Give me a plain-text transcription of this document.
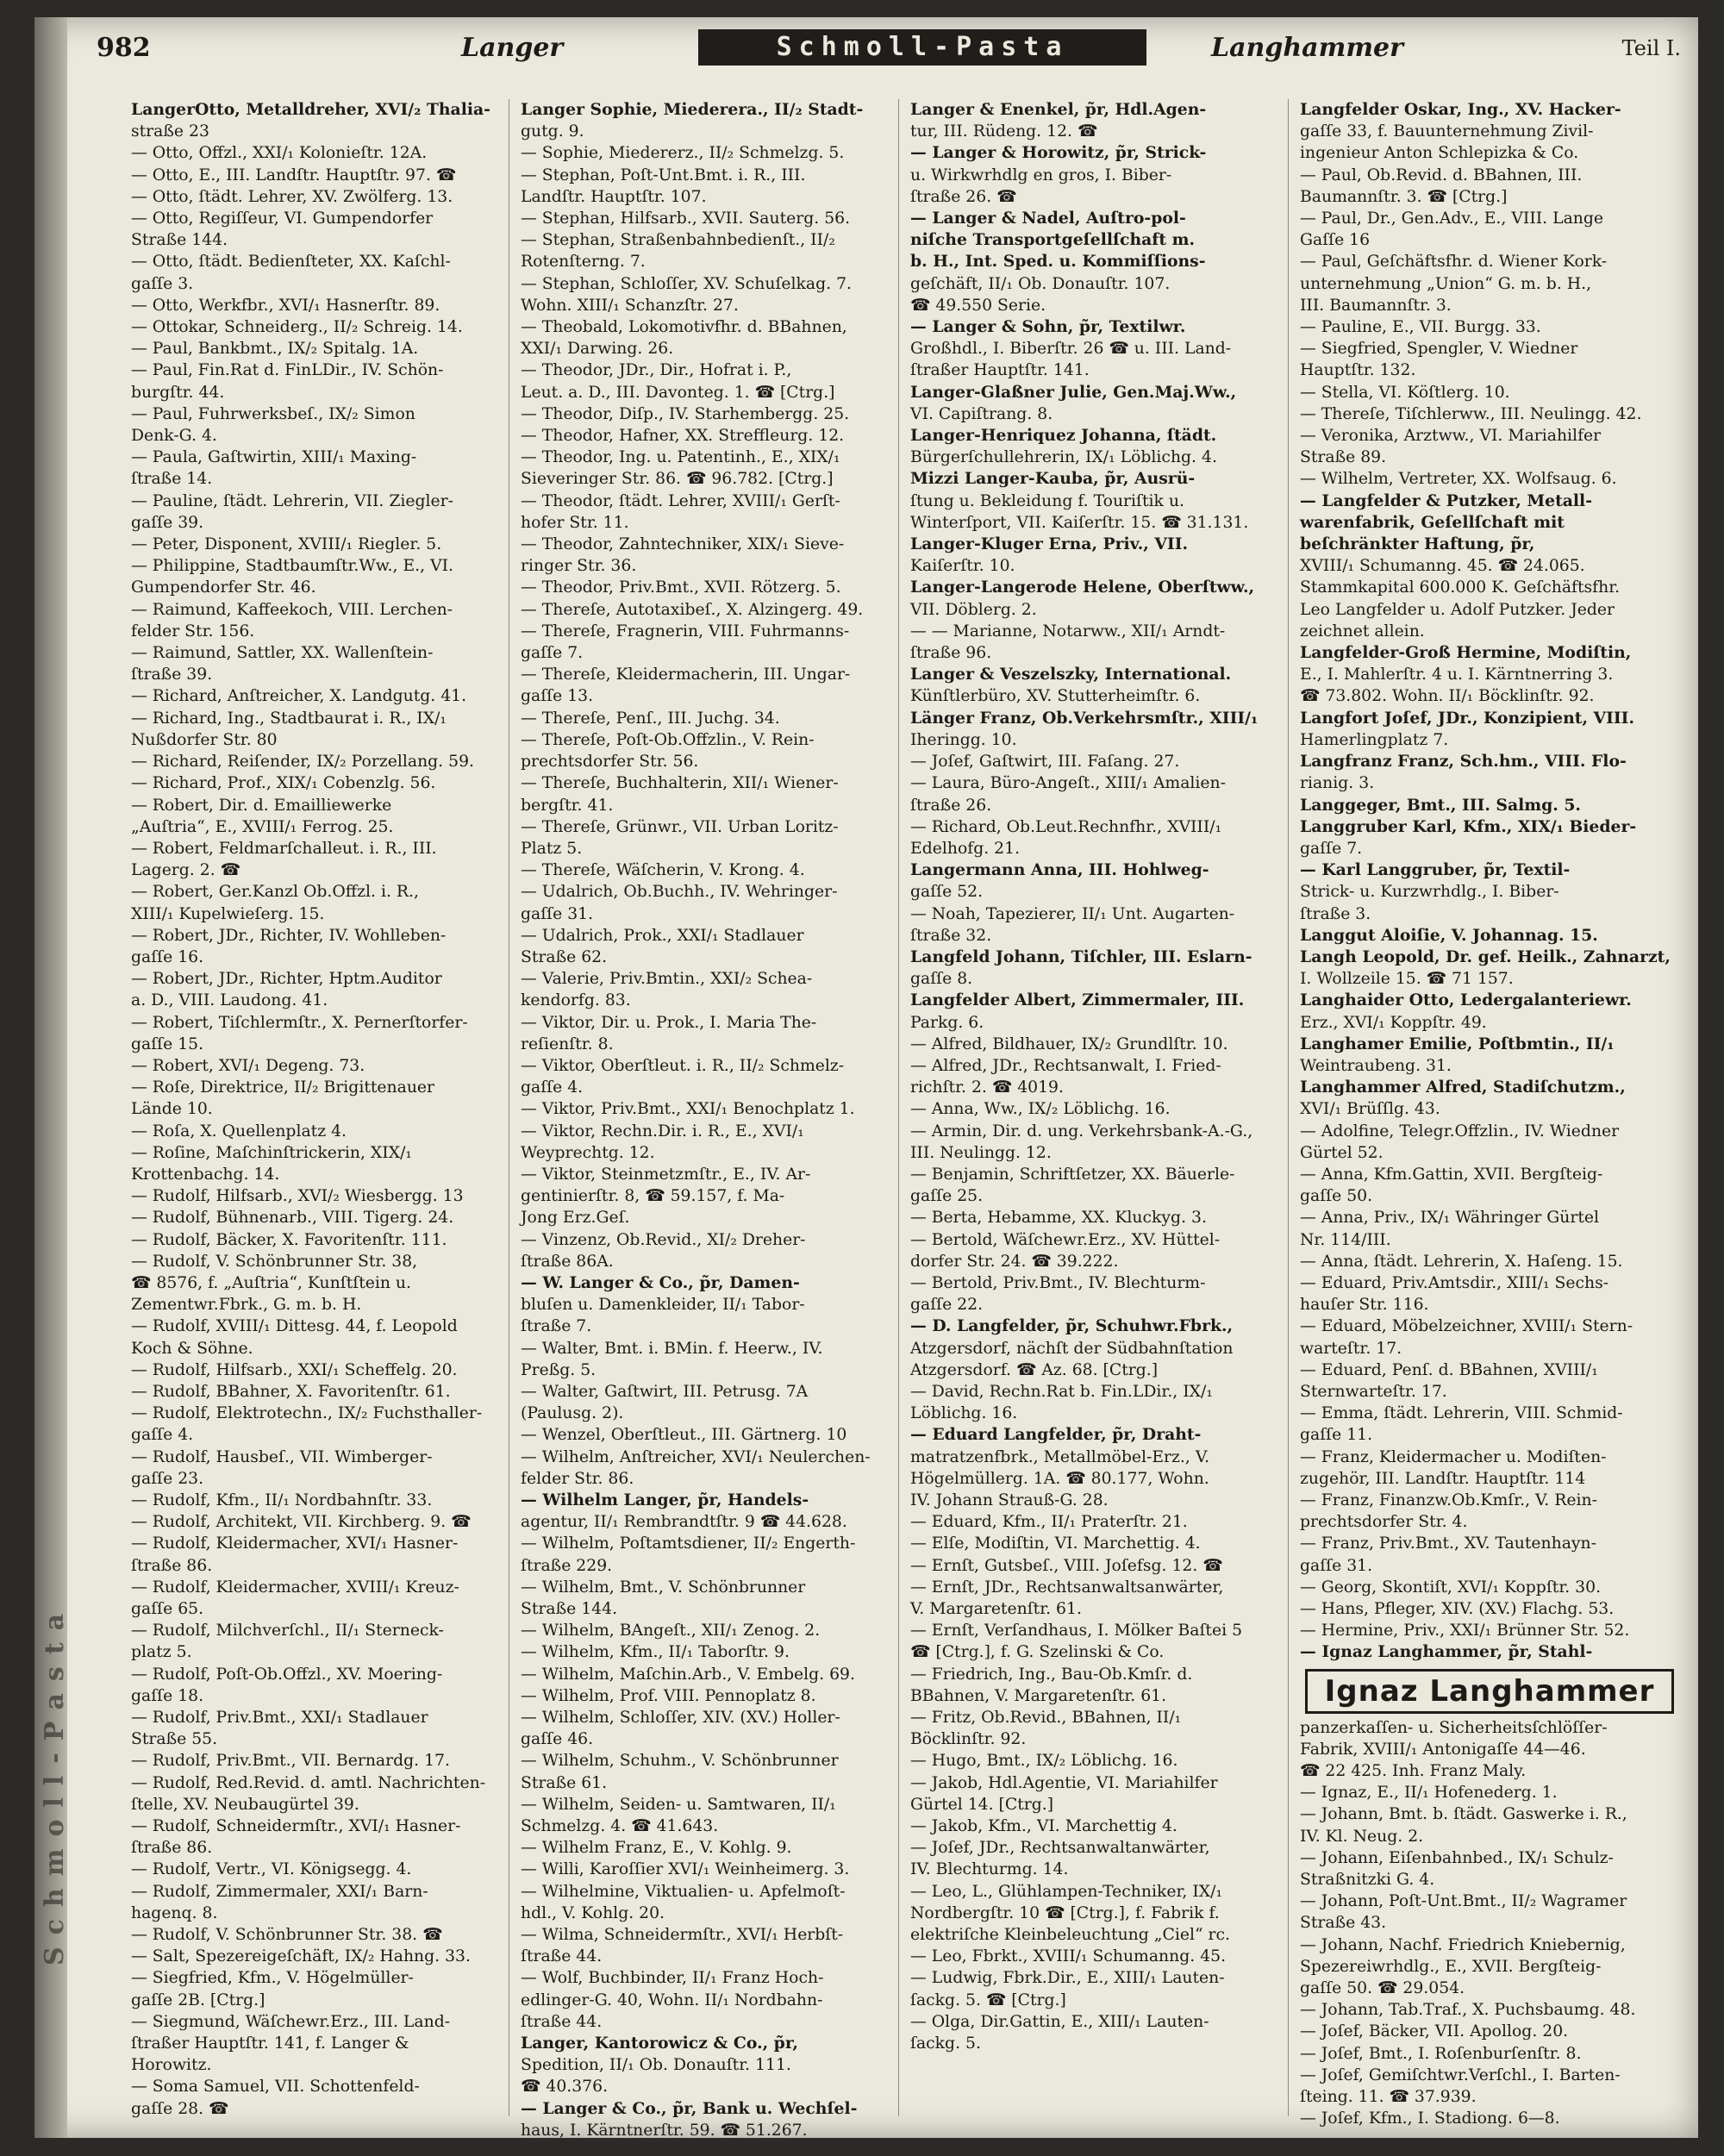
Schmoll-Pasta
982	Langer	Schmoll-Pasta	Langhammer	Teil I.

LangerOtto, Metalldreher, XVI/₂ Thalia-

straße 23

— Otto, Offzl., XXI/₁ Kolonieſtr. 12A.

— Otto, E., III. Landſtr. Hauptſtr. 97. ☎

— Otto, ſtädt. Lehrer, XV. Zwölferg. 13.

— Otto, Regiſſeur, VI. Gumpendorfer

Straße 144.

— Otto, ſtädt. Bedienſteter, XX. Kaſchl-

gaſſe 3.

— Otto, Werkfbr., XVI/₁ Hasnerſtr. 89.

— Ottokar, Schneiderg., II/₂ Schreig. 14.

— Paul, Bankbmt., IX/₂ Spitalg. 1A.

— Paul, Fin.Rat d. FinLDir., IV. Schön-

burgſtr. 44.

— Paul, Fuhrwerksbeſ., IX/₂ Simon

Denk-G. 4.

— Paula, Gaſtwirtin, XIII/₁ Maxing-

ſtraße 14.

— Pauline, ſtädt. Lehrerin, VII. Ziegler-

gaſſe 39.

— Peter, Disponent, XVIII/₁ Riegler. 5.

— Philippine, Stadtbaumſtr.Ww., E., VI.

Gumpendorfer Str. 46.

— Raimund, Kaffeekoch, VIII. Lerchen-

felder Str. 156.

— Raimund, Sattler, XX. Wallenſtein-

ſtraße 39.

— Richard, Anſtreicher, X. Landgutg. 41.

— Richard, Ing., Stadtbaurat i. R., IX/₁

Nußdorfer Str. 80

— Richard, Reiſender, IX/₂ Porzellang. 59.

— Richard, Prof., XIX/₁ Cobenzlg. 56.

— Robert, Dir. d. Emailliewerke

„Auſtria“, E., XVIII/₁ Ferrog. 25.

— Robert, Feldmarſchalleut. i. R., III.

Lagerg. 2. ☎

— Robert, Ger.Kanzl Ob.Offzl. i. R.,

XIII/₁ Kupelwieſerg. 15.

— Robert, JDr., Richter, IV. Wohlleben-

gaſſe 16.

— Robert, JDr., Richter, Hptm.Auditor

a. D., VIII. Laudong. 41.

— Robert, Tiſchlermſtr., X. Pernerſtorfer-

gaſſe 15.

— Robert, XVI/₁ Degeng. 73.

— Roſe, Direktrice, II/₂ Brigittenauer

Lände 10.

— Roſa, X. Quellenplatz 4.

— Roſine, Maſchinſtrickerin, XIX/₁

Krottenbachg. 14.

— Rudolf, Hilfsarb., XVI/₂ Wiesbergg. 13

— Rudolf, Bühnenarb., VIII. Tigerg. 24.

— Rudolf, Bäcker, X. Favoritenſtr. 111.

— Rudolf, V. Schönbrunner Str. 38,

☎ 8576, f. „Auſtria“, Kunſtſtein u.

Zementwr.Fbrk., G. m. b. H.

— Rudolf, XVIII/₁ Dittesg. 44, f. Leopold

Koch & Söhne.

— Rudolf, Hilfsarb., XXI/₁ Scheffelg. 20.

— Rudolf, BBahner, X. Favoritenſtr. 61.

— Rudolf, Elektrotechn., IX/₂ Fuchsthaller-

gaſſe 4.

— Rudolf, Hausbeſ., VII. Wimberger-

gaſſe 23.

— Rudolf, Kfm., II/₁ Nordbahnſtr. 33.

— Rudolf, Architekt, VII. Kirchberg. 9. ☎

— Rudolf, Kleidermacher, XVI/₁ Hasner-

ſtraße 86.

— Rudolf, Kleidermacher, XVIII/₁ Kreuz-

gaſſe 65.

— Rudolf, Milchverſchl., II/₁ Sterneck-

platz 5.

— Rudolf, Poſt-Ob.Offzl., XV. Moering-

gaſſe 18.

— Rudolf, Priv.Bmt., XXI/₁ Stadlauer

Straße 55.

— Rudolf, Priv.Bmt., VII. Bernardg. 17.

— Rudolf, Red.Revid. d. amtl. Nachrichten-

ſtelle, XV. Neubaugürtel 39.

— Rudolf, Schneidermſtr., XVI/₁ Hasner-

ſtraße 86.

— Rudolf, Vertr., VI. Königsegg. 4.

— Rudolf, Zimmermaler, XXI/₁ Barn-

hagenq. 8.

— Rudolf, V. Schönbrunner Str. 38. ☎

— Salt, Spezereigeſchäft, IX/₂ Hahng. 33.

— Siegfried, Kfm., V. Högelmüller-

gaſſe 2B. [Ctrg.]

— Siegmund, Wäſchewr.Erz., III. Land-

ſtraßer Hauptſtr. 141, f. Langer &

Horowitz.

— Soma Samuel, VII. Schottenfeld-

gaſſe 28. ☎

Langer Sophie, Miederera., II/₂ Stadt-

gutg. 9.

— Sophie, Miedererz., II/₂ Schmelzg. 5.

— Stephan, Poſt-Unt.Bmt. i. R., III.

Landſtr. Hauptſtr. 107.

— Stephan, Hilfsarb., XVII. Sauterg. 56.

— Stephan, Straßenbahnbedienſt., II/₂

Rotenſterng. 7.

— Stephan, Schloſſer, XV. Schuſelkag. 7.

Wohn. XIII/₁ Schanzſtr. 27.

— Theobald, Lokomotivfhr. d. BBahnen,

XXI/₁ Darwing. 26.

— Theodor, JDr., Dir., Hofrat i. P.,

Leut. a. D., III. Davonteg. 1. ☎ [Ctrg.]

— Theodor, Diſp., IV. Starhembergg. 25.

— Theodor, Hafner, XX. Streffleurg. 12.

— Theodor, Ing. u. Patentinh., E., XIX/₁

Sieveringer Str. 86. ☎ 96.782. [Ctrg.]

— Theodor, ſtädt. Lehrer, XVIII/₁ Gerſt-

hofer Str. 11.

— Theodor, Zahntechniker, XIX/₁ Sieve-

ringer Str. 36.

— Theodor, Priv.Bmt., XVII. Rötzerg. 5.

— Thereſe, Autotaxibeſ., X. Alzingerg. 49.

— Thereſe, Fragnerin, VIII. Fuhrmanns-

gaſſe 7.

— Thereſe, Kleidermacherin, III. Ungar-

gaſſe 13.

— Thereſe, Penſ., III. Juchg. 34.

— Thereſe, Poſt-Ob.Offzlin., V. Rein-

prechtsdorfer Str. 56.

— Thereſe, Buchhalterin, XII/₁ Wiener-

bergſtr. 41.

— Thereſe, Grünwr., VII. Urban Loritz-

Platz 5.

— Thereſe, Wäſcherin, V. Krong. 4.

— Udalrich, Ob.Buchh., IV. Wehringer-

gaſſe 31.

— Udalrich, Prok., XXI/₁ Stadlauer

Straße 62.

— Valerie, Priv.Bmtin., XXI/₂ Schea-

kendorfg. 83.

— Viktor, Dir. u. Prok., I. Maria The-

reſienſtr. 8.

— Viktor, Oberſtleut. i. R., II/₂ Schmelz-

gaſſe 4.

— Viktor, Priv.Bmt., XXI/₁ Benochplatz 1.

— Viktor, Rechn.Dir. i. R., E., XVI/₁

Weyprechtg. 12.

— Viktor, Steinmetzmſtr., E., IV. Ar-

gentinierſtr. 8, ☎ 59.157, f. Ma-

Jong Erz.Geſ.

— Vinzenz, Ob.Revid., XI/₂ Dreher-

ſtraße 86A.

— W. Langer & Co., p̃r, Damen-

bluſen u. Damenkleider, II/₁ Tabor-

ſtraße 7.

— Walter, Bmt. i. BMin. f. Heerw., IV.

Preßg. 5.

— Walter, Gaſtwirt, III. Petrusg. 7A

(Paulusg. 2).

— Wenzel, Oberſtleut., III. Gärtnerg. 10

— Wilhelm, Anſtreicher, XVI/₁ Neulerchen-

felder Str. 86.

— Wilhelm Langer, p̃r, Handels-

agentur, II/₁ Rembrandtſtr. 9 ☎ 44.628.

— Wilhelm, Poſtamtsdiener, II/₂ Engerth-

ſtraße 229.

— Wilhelm, Bmt., V. Schönbrunner

Straße 144.

— Wilhelm, BAngeſt., XII/₁ Zenog. 2.

— Wilhelm, Kfm., II/₁ Taborſtr. 9.

— Wilhelm, Maſchin.Arb., V. Embelg. 69.

— Wilhelm, Prof. VIII. Pennoplatz 8.

— Wilhelm, Schloſſer, XIV. (XV.) Holler-

gaſſe 46.

— Wilhelm, Schuhm., V. Schönbrunner

Straße 61.

— Wilhelm, Seiden- u. Samtwaren, II/₁

Schmelzg. 4. ☎ 41.643.

— Wilhelm Franz, E., V. Kohlg. 9.

— Willi, Karoſſier XVI/₁ Weinheimerg. 3.

— Wilhelmine, Viktualien- u. Apfelmoſt-

hdl., V. Kohlg. 20.

— Wilma, Schneidermſtr., XVI/₁ Herbſt-

ſtraße 44.

— Wolf, Buchbinder, II/₁ Franz Hoch-

edlinger-G. 40, Wohn. II/₁ Nordbahn-

ſtraße 44.

Langer, Kantorowicz & Co., p̃r,

Spedition, II/₁ Ob. Donauſtr. 111.

☎ 40.376.

— Langer & Co., p̃r, Bank u. Wechſel-

haus, I. Kärntnerſtr. 59. ☎ 51.267.

Langer & Enenkel, p̃r, Hdl.Agen-

tur, III. Rüdeng. 12. ☎

— Langer & Horowitz, p̃r, Strick-

u. Wirkwrhdlg en gros, I. Biber-

ſtraße 26. ☎

— Langer & Nadel, Auſtro-pol-

niſche Transportgeſellſchaft m.

b. H., Int. Sped. u. Kommiſſions-

geſchäft, II/₁ Ob. Donauſtr. 107.

☎ 49.550 Serie.

— Langer & Sohn, p̃r, Textilwr.

Großhdl., I. Biberſtr. 26 ☎ u. III. Land-

ſtraßer Hauptſtr. 141.

Langer-Glaßner Julie, Gen.Maj.Ww.,

VI. Capiſtrang. 8.

Langer-Henriquez Johanna, ſtädt.

Bürgerſchullehrerin, IX/₁ Löblichg. 4.

Mizzi Langer-Kauba, p̃r, Ausrü-

ſtung u. Bekleidung f. Touriſtik u.

Winterſport, VII. Kaiſerſtr. 15. ☎ 31.131.

Langer-Kluger Erna, Priv., VII.

Kaiſerſtr. 10.

Langer-Langerode Helene, Oberſtww.,

VII. Döblerg. 2.

— — Marianne, Notarww., XII/₁ Arndt-

ſtraße 96.

Langer & Veszelszky, International.

Künſtlerbüro, XV. Stutterheimſtr. 6.

Länger Franz, Ob.Verkehrsmſtr., XIII/₁

Iheringg. 10.

— Joſef, Gaſtwirt, III. Faſang. 27.

— Laura, Büro-Angeſt., XIII/₁ Amalien-

ſtraße 26.

— Richard, Ob.Leut.Rechnfhr., XVIII/₁

Edelhofg. 21.

Langermann Anna, III. Hohlweg-

gaſſe 52.

— Noah, Tapezierer, II/₁ Unt. Augarten-

ſtraße 32.

Langfeld Johann, Tiſchler, III. Eslarn-

gaſſe 8.

Langfelder Albert, Zimmermaler, III.

Parkg. 6.

— Alfred, Bildhauer, IX/₂ Grundlſtr. 10.

— Alfred, JDr., Rechtsanwalt, I. Fried-

richſtr. 2. ☎ 4019.

— Anna, Ww., IX/₂ Löblichg. 16.

— Armin, Dir. d. ung. Verkehrsbank-A.-G.,

III. Neulingg. 12.

— Benjamin, Schriftſetzer, XX. Bäuerle-

gaſſe 25.

— Berta, Hebamme, XX. Kluckyg. 3.

— Bertold, Wäſchewr.Erz., XV. Hüttel-

dorfer Str. 24. ☎ 39.222.

— Bertold, Priv.Bmt., IV. Blechturm-

gaſſe 22.

— D. Langfelder, p̃r, Schuhwr.Fbrk.,

Atzgersdorf, nächſt der Südbahnſtation

Atzgersdorf. ☎ Az. 68. [Ctrg.]

— David, Rechn.Rat b. Fin.LDir., IX/₁

Löblichg. 16.

— Eduard Langfelder, p̃r, Draht-

matratzenfbrk., Metallmöbel-Erz., V.

Högelmüllerg. 1A. ☎ 80.177, Wohn.

IV. Johann Strauß-G. 28.

— Eduard, Kfm., II/₁ Praterſtr. 21.

— Elſe, Modiſtin, VI. Marchettig. 4.

— Ernſt, Gutsbeſ., VIII. Joſefsg. 12. ☎

— Ernſt, JDr., Rechtsanwaltsanwärter,

V. Margaretenſtr. 61.

— Ernſt, Verſandhaus, I. Mölker Baſtei 5

☎ [Ctrg.], f. G. Szelinski & Co.

— Friedrich, Ing., Bau-Ob.Kmſr. d.

BBahnen, V. Margaretenſtr. 61.

— Fritz, Ob.Revid., BBahnen, II/₁

Böcklinſtr. 92.

— Hugo, Bmt., IX/₂ Löblichg. 16.

— Jakob, Hdl.Agentie, VI. Mariahilfer

Gürtel 14. [Ctrg.]

— Jakob, Kfm., VI. Marchettig 4.

— Joſef, JDr., Rechtsanwaltanwärter,

IV. Blechturmg. 14.

— Leo, L., Glühlampen-Techniker, IX/₁

Nordbergſtr. 10 ☎ [Ctrg.], f. Fabrik f.

elektriſche Kleinbeleuchtung „Ciel“ rc.

— Leo, Fbrkt., XVIII/₁ Schumanng. 45.

— Ludwig, Fbrk.Dir., E., XIII/₁ Lauten-

ſackg. 5. ☎ [Ctrg.]

— Olga, Dir.Gattin, E., XIII/₁ Lauten-

ſackg. 5.

Langfelder Oskar, Ing., XV. Hacker-

gaſſe 33, f. Bauunternehmung Zivil-

ingenieur Anton Schlepizka & Co.

— Paul, Ob.Revid. d. BBahnen, III.

Baumannſtr. 3. ☎ [Ctrg.]

— Paul, Dr., Gen.Adv., E., VIII. Lange

Gaſſe 16

— Paul, Geſchäftsfhr. d. Wiener Kork-

unternehmung „Union“ G. m. b. H.,

III. Baumannſtr. 3.

— Pauline, E., VII. Burgg. 33.

— Siegfried, Spengler, V. Wiedner

Hauptſtr. 132.

— Stella, VI. Köſtlerg. 10.

— Thereſe, Tiſchlerww., III. Neulingg. 42.

— Veronika, Arztww., VI. Mariahilfer

Straße 89.

— Wilhelm, Vertreter, XX. Wolfsaug. 6.

— Langfelder & Putzker, Metall-

warenfabrik, Geſellſchaft mit

beſchränkter Haftung, p̃r,

XVIII/₁ Schumanng. 45. ☎ 24.065.

Stammkapital 600.000 K. Geſchäftsfhr.

Leo Langfelder u. Adolf Putzker. Jeder

zeichnet allein.

Langfelder-Groß Hermine, Modiſtin,

E., I. Mahlerſtr. 4 u. I. Kärntnerring 3.

☎ 73.802. Wohn. II/₁ Böcklinſtr. 92.

Langfort Joſef, JDr., Konzipient, VIII.

Hamerlingplatz 7.

Langfranz Franz, Sch.hm., VIII. Flo-

rianig. 3.

Langgeger, Bmt., III. Salmg. 5.

Langgruber Karl, Kfm., XIX/₁ Bieder-

gaſſe 7.

— Karl Langgruber, p̃r, Textil-

Strick- u. Kurzwrhdlg., I. Biber-

ſtraße 3.

Langgut Aloiſie, V. Johannag. 15.

Langh Leopold, Dr. gef. Heilk., Zahnarzt,

I. Wollzeile 15. ☎ 71 157.

Langhaider Otto, Ledergalanteriewr.

Erz., XVI/₁ Koppſtr. 49.

Langhamer Emilie, Poſtbmtin., II/₁

Weintraubeng. 31.

Langhammer Alfred, Stadiſchutzm.,

XVI/₁ Brüſſlg. 43.

— Adolfine, Telegr.Offzlin., IV. Wiedner

Gürtel 52.

— Anna, Kfm.Gattin, XVII. Bergſteig-

gaſſe 50.

— Anna, Priv., IX/₁ Währinger Gürtel

Nr. 114/III.

— Anna, ſtädt. Lehrerin, X. Haſeng. 15.

— Eduard, Priv.Amtsdir., XIII/₁ Sechs-

hauſer Str. 116.

— Eduard, Möbelzeichner, XVIII/₁ Stern-

warteſtr. 17.

— Eduard, Penſ. d. BBahnen, XVIII/₁

Sternwarteſtr. 17.

— Emma, ſtädt. Lehrerin, VIII. Schmid-

gaſſe 11.

— Franz, Kleidermacher u. Modiſten-

zugehör, III. Landſtr. Hauptſtr. 114

— Franz, Finanzw.Ob.Kmſr., V. Rein-

prechtsdorfer Str. 4.

— Franz, Priv.Bmt., XV. Tautenhayn-

gaſſe 31.

— Georg, Skontiſt, XVI/₁ Koppſtr. 30.

— Hans, Pfleger, XIV. (XV.) Flachg. 53.

— Hermine, Priv., XXI/₁ Brünner Str. 52.

— Ignaz Langhammer, p̃r, Stahl-

Ignaz Langhammer

panzerkaſſen- u. Sicherheitsſchlöſſer-

Fabrik, XVIII/₁ Antonigaſſe 44—46.

☎ 22 425. Inh. Franz Maly.

— Ignaz, E., II/₁ Hofenederg. 1.

— Johann, Bmt. b. ſtädt. Gaswerke i. R.,

IV. Kl. Neug. 2.

— Johann, Eiſenbahnbed., IX/₁ Schulz-

Straßnitzki G. 4.

— Johann, Poſt-Unt.Bmt., II/₂ Wagramer

Straße 43.

— Johann, Nachf. Friedrich Kniebernig,

Spezereiwrhdlg., E., XVII. Bergſteig-

gaſſe 50. ☎ 29.054.

— Johann, Tab.Traf., X. Puchsbaumg. 48.

— Joſef, Bäcker, VII. Apollog. 20.

— Joſef, Bmt., I. Roſenburſenſtr. 8.

— Joſef, Gemiſchtwr.Verſchl., I. Barten-

ſteing. 11. ☎ 37.939.

— Joſef, Kfm., I. Stadiong. 6—8.
